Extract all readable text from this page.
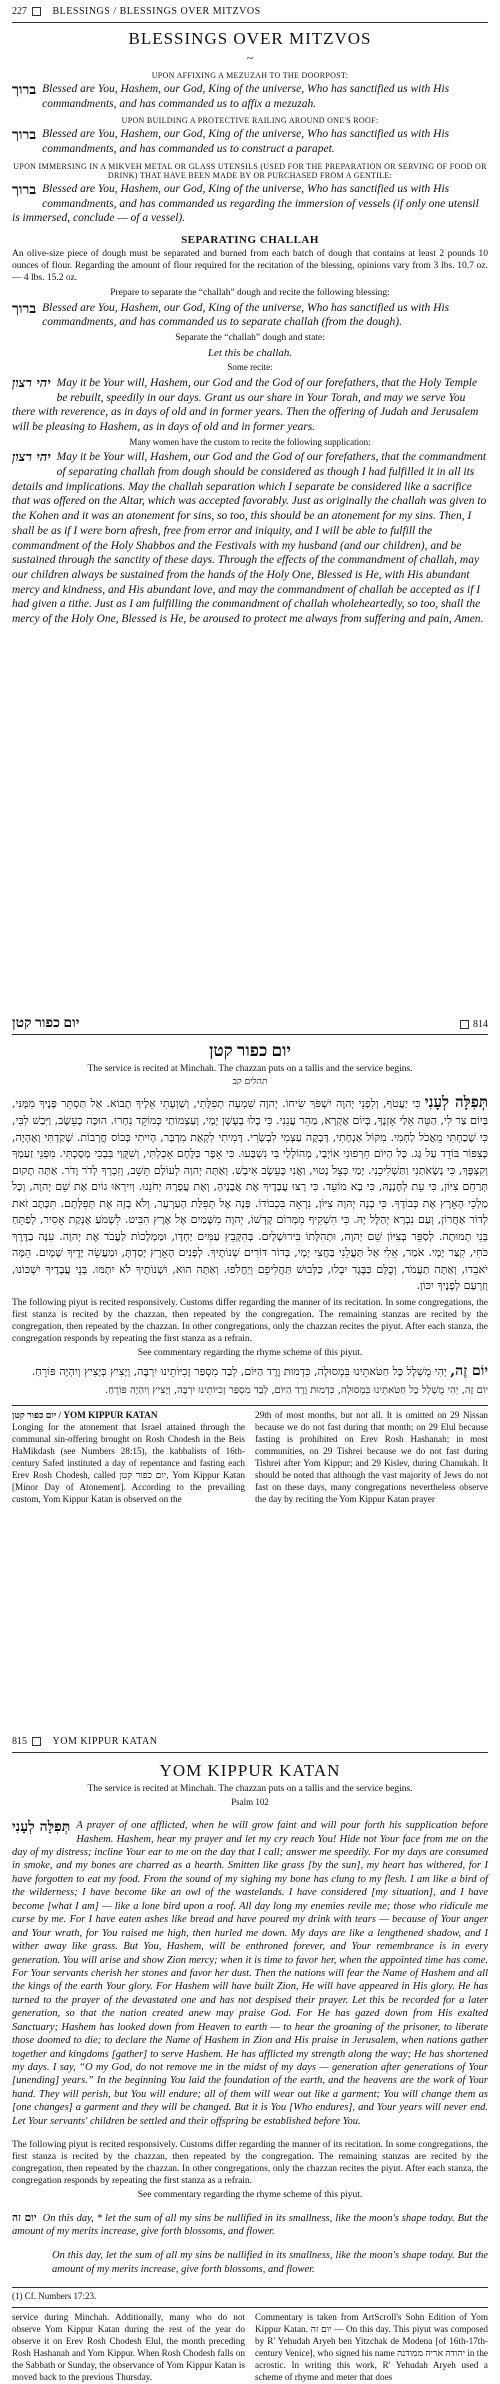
227	BLESSINGS / BLESSINGS OVER MITZVOS
BLESSINGS OVER MITZVOS
~
UPON AFFIXING A MEZUZAH TO THE DOORPOST:

ברוך Blessed are You, Hashem, our God, King of the universe, Who has sanctified us with His commandments, and has commanded us to affix a mezuzah.

UPON BUILDING A PROTECTIVE RAILING AROUND ONE'S ROOF:

ברוך Blessed are You, Hashem, our God, King of the universe, Who has sanctified us with His commandments, and has commanded us to construct a parapet.

UPON IMMERSING IN A MIKVEH METAL OR GLASS UTENSILS (USED FOR THE PREPARATION OR SERVING OF FOOD OR DRINK) THAT HAVE BEEN MADE BY OR PURCHASED FROM A GENTILE:

ברוך Blessed are You, Hashem, our God, King of the universe, Who has sanctified us with His commandments, and has commanded us regarding the immersion of vessels (if only one utensil is immersed, conclude — of a vessel).

SEPARATING CHALLAH

An olive-size piece of dough must be separated and burned from each batch of dough that contains at least 2 pounds 10 ounces of flour. Regarding the amount of flour required for the recitation of the blessing, opinions vary from 3 lbs. 10.7 oz. — 4 lbs. 15.2 oz.

Prepare to separate the “challah” dough and recite the following blessing:

ברוך Blessed are You, Hashem, our God, King of the universe, Who has sanctified us with His commandments, and has commanded us to separate challah (from the dough).

Separate the “challah” dough and state:

Let this be challah.

Some recite:

יהי רצון May it be Your will, Hashem, our God and the God of our forefathers, that the Holy Temple be rebuilt, speedily in our days. Grant us our share in Your Torah, and may we serve You there with reverence, as in days of old and in former years. Then the offering of Judah and Jerusalem will be pleasing to Hashem, as in days of old and in former years.

Many women have the custom to recite the following supplication:

יהי רצון May it be Your will, Hashem, our God and the God of our forefathers, that the commandment of separating challah from dough should be considered as though I had fulfilled it in all its details and implications. May the challah separation which I separate be considered like a sacrifice that was offered on the Altar, which was accepted favorably. Just as originally the challah was given to the Kohen and it was an atonement for sins, so too, this should be an atonement for my sins. Then, I shall be as if I were born afresh, free from error and iniquity, and I will be able to fulfill the commandment of the Holy Shabbos and the Festivals with my husband (and our children), and be sustained through the sanctity of these days. Through the effects of the commandment of challah, may our children always be sustained from the hands of the Holy One, Blessed is He, with His abundant mercy and kindness, and His abundant love, and may the commandment of challah be accepted as if I had given a tithe. Just as I am fulfilling the commandment of challah wholeheartedly, so too, shall the mercy of the Holy One, Blessed is He, be aroused to protect me always from suffering and pain, Amen.

יום כפור קטן	814
יום כפור קטן

The service is recited at Minchah. The chazzan puts on a tallis and the service begins.

תהלים קב

תְּפִלָּה לְעָנִי כִּי יַעֲטֹף, וְלִפְנֵי יְהוָה יִשְׁפֹּךְ שִׂיחוֹ. יְהוָה שִׁמְעָה תְפִלָּתִי, וְשַׁוְעָתִי אֵלֶיךָ תָבוֹא. אַל תַּסְתֵּר פָּנֶיךָ מִמֶּנִּי, בְּיוֹם צַר לִי, הַטֵּה אֵלַי אָזְנֶךָ, בְּיוֹם אֶקְרָא, מַהֵר עֲנֵנִי. כִּי כָלוּ בְעָשָׁן יָמָי, וְעַצְמוֹתַי כְּמוֹקֵד נִחָרוּ. הוּכָּה כָעֵשֶׂב, וַיִּבַשׁ לִבִּי, כִּי שָׁכַחְתִּי מֵאֲכֹל לַחְמִי. מִקּוֹל אַנְחָתִי, דָּבְקָה עַצְמִי לִבְשָׂרִי. דָּמִיתִי לִקְאַת מִדְבָּר, הָיִיתִי כְּכוֹס חֳרָבוֹת. שָׁקַדְתִּי וָאֶהְיֶה, כְּצִפּוֹר בּוֹדֵד עַל גָּג. כָּל הַיּוֹם חֵרְפוּנִי אוֹיְבָי, מְהוֹלָלַי בִּי נִשְׁבָּעוּ. כִּי אֵפֶר כַּלֶּחֶם אָכָלְתִּי, וְשִׁקֻּוַי בִּבְכִי מָסָכְתִּי. מִפְּנֵי זַעַמְךָ וְקִצְפֶּךָ, כִּי נְשָׂאתַנִי וַתַּשְׁלִיכֵנִי. יָמַי כְּצֵל נָטוּי, וַאֲנִי כָּעֵשֶׂב אִיבָשׁ. וְאַתָּה יְהוָה לְעוֹלָם תֵּשֵׁב, וְזִכְרְךָ לְדֹר וָדֹר. אַתָּה תָקוּם תְּרַחֵם צִיּוֹן, כִּי עֵת לְחֶנְנָהּ, כִּי בָא מוֹעֵד. כִּי רָצוּ עֲבָדֶיךָ אֶת אֲבָנֶיהָ, וְאֶת עֲפָרָהּ יְחֹנֵנוּ. וְיִירְאוּ גוֹיִם אֶת שֵׁם יְהוָה, וְכָל מַלְכֵי הָאָרֶץ אֶת כְּבוֹדֶךָ. כִּי בָנָה יְהוָה צִיּוֹן, נִרְאָה בִּכְבוֹדוֹ. פָּנָה אֶל תְּפִלַּת הָעַרְעָר, וְלֹא בָזָה אֶת תְּפִלָּתָם. תִּכָּתֶב זֹאת לְדוֹר אַחֲרוֹן, וְעַם נִבְרָא יְהַלֶּל יָהּ. כִּי הִשְׁקִיף מִמְּרוֹם קָדְשׁוֹ, יְהוָה מִשָּׁמַיִם אֶל אֶרֶץ הִבִּיט. לִשְׁמֹעַ אֶנְקַת אָסִיר, לְפַתֵּחַ בְּנֵי תְמוּתָה. לְסַפֵּר בְּצִיּוֹן שֵׁם יְהוָה, וּתְהִלָּתוֹ בִּירוּשָׁלָיִם. בְּהִקָּבֵץ עַמִּים יַחְדָּו, וּמַמְלָכוֹת לַעֲבֹד אֶת יְהוָה. עִנָּה בַדֶּרֶךְ כֹּחִי, קִצַּר יָמָי. אֹמַר, אֵלִי אַל תַּעֲלֵנִי בַּחֲצִי יָמָי, בְּדוֹר דּוֹרִים שְׁנוֹתֶיךָ. לְפָנִים הָאָרֶץ יָסַדְתָּ, וּמַעֲשֵׂה יָדֶיךָ שָׁמָיִם. הֵמָּה יֹאבֵדוּ, וְאַתָּה תַעֲמֹד, וְכֻלָּם כַּבֶּגֶד יִבְלוּ, כַּלְּבוּשׁ תַּחֲלִיפֵם וְיַחֲלֹפוּ. וְאַתָּה הוּא, וּשְׁנוֹתֶיךָ לֹא יִתָּמּוּ. בְּנֵי עֲבָדֶיךָ יִשְׁכּוֹנוּ, וְזַרְעָם לְפָנֶיךָ יִכּוֹן.

The following piyut is recited responsively. Customs differ regarding the manner of its recitation. In some congregations, the first stanza is recited by the chazzan, then repeated by the congregation. The remaining stanzas are recited by the congregation, then repeated by the chazzan. In other congregations, only the chazzan recites the piyut. After each stanza, the congregation responds by repeating the first stanza as a refrain.

See commentary regarding the rhyme scheme of this piyut.

יוֹם זֶה, יְהִי מֻשְׁלָל כָּל חַטֹּאתֵינוּ בִּמְסוּלָה, כִּדְמוּת וֶרֶד הַיּוֹם, לְבַד מִסְפַּר זָכִיּוֹתֵינוּ יִרְבֶּה, וְיָצִיץ כְּיָצִיץ וְיִהְיֶה פּוֹרֵחַ.
יוֹם זֶה, יְהִי מֻשְׁלָל כָּל חַטֹּאתֵינוּ בִּמְסוּלָה, כִּדְמוּת וֶרֶד הַיּוֹם, לְבַד מִסְפַּר זָכִיּוֹתֵינוּ יִרְבֶּה, וְיָצִיץ וְיִהְיֶה פּוֹרֵחַ.
יום כפור קטן / YOM KIPPUR KATAN
Longing for the atonement that Israel attained through the communal sin-offering brought on Rosh Chodesh in the Beis HaMikdash (see Numbers 28:15), the kabbalists of 16th-century Safed instituted a day of repentance and fasting each Erev Rosh Chodesh, called יום כפור קטן, Yom Kippur Katan [Minor Day of Atonement]. According to the prevailing custom, Yom Kippur Katan is observed on the
29th of most months, but not all. It is omitted on 29 Nissan because we do not fast during that month; on 29 Elul because fasting is prohibited on Erev Rosh Hashanah; in most communities, on 29 Tishrei because we do not fast during Tishrei after Yom Kippur; and 29 Kislev, during Chanukah. It should be noted that although the vast majority of Jews do not fast on these days, many congregations nevertheless observe the day by reciting the Yom Kippur Katan prayer
815	YOM KIPPUR KATAN
YOM KIPPUR KATAN

The service is recited at Minchah. The chazzan puts on a tallis and the service begins.

Psalm 102

תְּפִלָּה לְעָנִי A prayer of one afflicted, when he will grow faint and will pour forth his supplication before Hashem. Hashem, hear my prayer and let my cry reach You! Hide not Your face from me on the day of my distress; incline Your ear to me on the day that I call; answer me speedily. For my days are consumed in smoke, and my bones are charred as a hearth. Smitten like grass [by the sun], my heart has withered, for I have forgotten to eat my food. From the sound of my sighing my bone has clung to my flesh. I am like a bird of the wilderness; I have become like an owl of the wastelands. I have considered [my situation], and I have become [what I am] — like a lone bird upon a roof. All day long my enemies revile me; those who ridicule me curse by me. For I have eaten ashes like bread and have poured my drink with tears — because of Your anger and Your wrath, for You raised me high, then hurled me down. My days are like a lengthened shadow, and I wither away like grass. But You, Hashem, will be enthroned forever, and Your remembrance is in every generation. You will arise and show Zion mercy; when it is time to favor her, when the appointed time has come. For Your servants cherish her stones and favor her dust. Then the nations will fear the Name of Hashem and all the kings of the earth Your glory. For Hashem will have built Zion, He will have appeared in His glory. He has turned to the prayer of the devastated one and has not despised their prayer. Let this be recorded for a later generation, so that the nation created anew may praise God. For He has gazed down from His exalted Sanctuary; Hashem has looked down from Heaven to earth — to hear the groaning of the prisoner, to liberate those doomed to die; to declare the Name of Hashem in Zion and His praise in Jerusalem, when nations gather together and kingdoms [gather] to serve Hashem. He has afflicted my strength along the way; He has shortened my days. I say, “O my God, do not remove me in the midst of my days — generation after generations of Your [unending] years.” In the beginning You laid the foundation of the earth, and the heavens are the work of Your hand. They will perish, but You will endure; all of them will wear out like a garment; You will change them as [one changes] a garment and they will be changed. But it is You [Who endures], and Your years will never end. Let Your servants' children be settled and their offspring be established before You.

The following piyut is recited responsively. Customs differ regarding the manner of its recitation. In some congregations, the first stanza is recited by the chazzan, then repeated by the congregation. The remaining stanzas are recited by the congregation, then repeated by the chazzan. In other congregations, only the chazzan recites the piyut. After each stanza, the congregation responds by repeating the first stanza as a refrain.

See commentary regarding the rhyme scheme of this piyut.

יום זה On this day, * let the sum of all my sins be nullified in its smallness, like the moon's shape today. But the amount of my merits increase, give forth blossoms, and flower.

On this day, let the sum of all my sins be nullified in its smallness, like the moon's shape today. But the amount of my merits increase, give forth blossoms, and flower.

(1) Cf. Numbers 17:23.
service during Minchah. Additionally, many who do not observe Yom Kippur Katan during the rest of the year do observe it on Erev Rosh Chodesh Elul, the month preceding Rosh Hashanah and Yom Kippur. When Rosh Chodesh falls on the Sabbath or Sunday, the observance of Yom Kippur Katan is moved back to the previous Thursday.
Commentary is taken from ArtScroll's Sohn Edition of Yom Kippur Katan. יום זה — On this day. This piyut was composed by R' Yehudah Aryeh ben Yitzchak de Modena [of 16th-17th-century Venice], who signed his name יהודה אריה ממודנה in the acrostic. In writing this work, R' Yehudah Aryeh used a scheme of rhyme and meter that does
